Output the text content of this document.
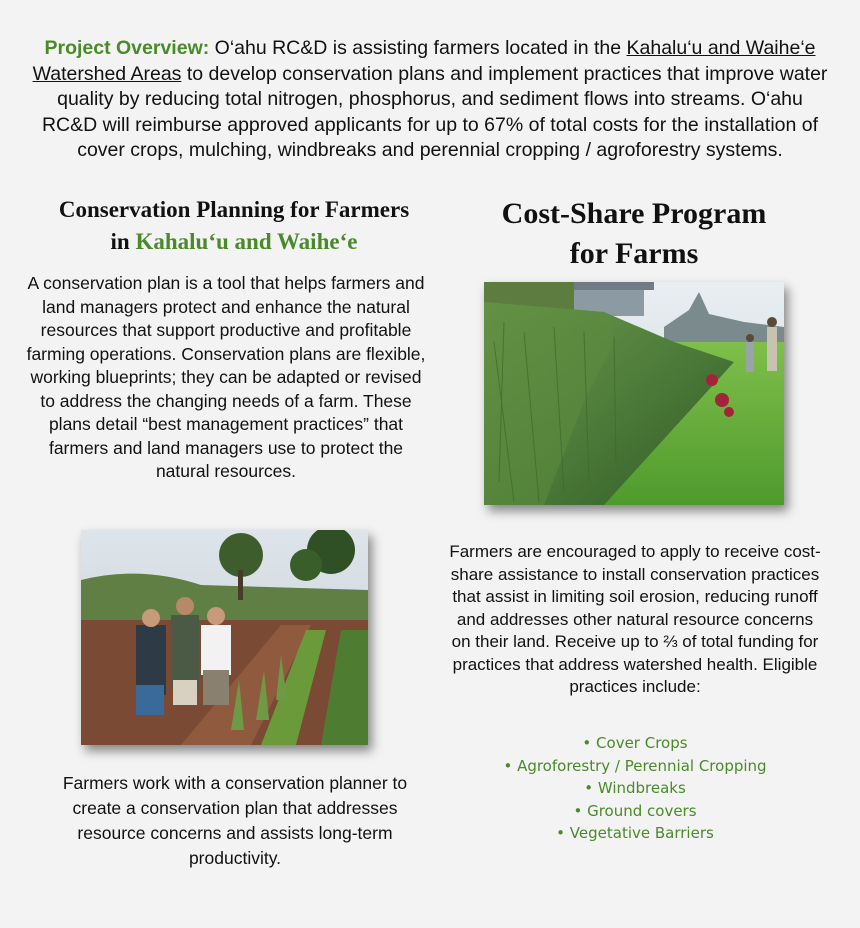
Project Overview: O‘ahu RC&D is assisting farmers located in the Kahalu‘u and Waihe‘e Watershed Areas to develop conservation plans and implement practices that improve water quality by reducing total nitrogen, phosphorus, and sediment flows into streams. O‘ahu RC&D will reimburse approved applicants for up to 67% of total costs for the installation of cover crops, mulching, windbreaks and perennial cropping / agroforestry systems.
Conservation Planning for Farmers
in Kahalu‘u and Waihe‘e
Cost-Share Program
for Farms
A conservation plan is a tool that helps farmers and land managers protect and enhance the natural resources that support productive and profitable farming operations. Conservation plans are flexible, working blueprints; they can be adapted or revised to address the changing needs of a farm. These plans detail “best management practices” that farmers and land managers use to protect the natural resources.
Farmers are encouraged to apply to receive cost-share assistance to install conservation practices that assist in limiting soil erosion, reducing runoff and addresses other natural resource concerns on their land. Receive up to ⅔ of total funding for practices that address watershed health. Eligible practices include:
• Cover Crops
• Agroforestry / Perennial Cropping
• Windbreaks
• Ground covers
• Vegetative Barriers
Farmers work with a conservation planner to create a conservation plan that addresses resource concerns and assists long-term productivity.
